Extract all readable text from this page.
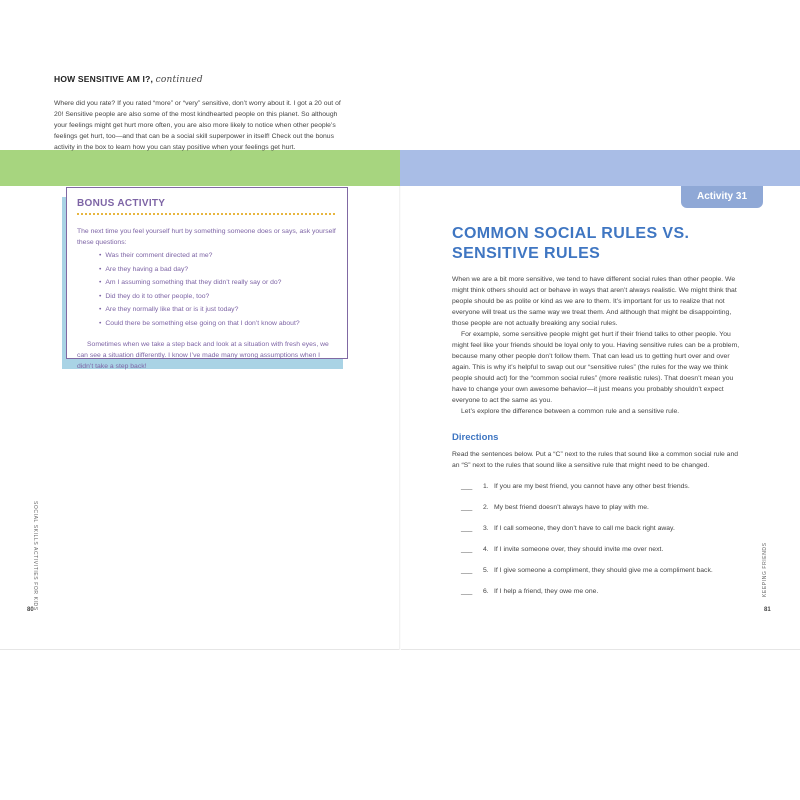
Activity 31
HOW SENSITIVE AM I?, continued

Where did you rate? If you rated “more” or “very” sensitive, don’t worry about it. I got a 20 out of 20! Sensitive people are also some of the most kindhearted people on this planet. So although your feelings might get hurt more often, you are also more likely to notice when other people’s feelings get hurt, too—and that can be a social skill superpower in itself! Check out the bonus activity in the box to learn how you can stay positive when your feelings get hurt.

BONUS ACTIVITY

The next time you feel yourself hurt by something someone does or says, ask yourself these questions:

• Was their comment directed at me?
• Are they having a bad day?
• Am I assuming something that they didn’t really say or do?
• Did they do it to other people, too?
• Are they normally like that or is it just today?
• Could there be something else going on that I don’t know about?

Sometimes when we take a step back and look at a situation with fresh eyes, we can see a situation differently. I know I’ve made many wrong assumptions when I didn’t take a step back!

SOCIAL SKILLS ACTIVITIES FOR KIDS
80
COMMON SOCIAL RULES VS. SENSITIVE RULES

When we are a bit more sensitive, we tend to have different social rules than other people. We might think others should act or behave in ways that aren’t always realistic. We might think that people should be as polite or kind as we are to them. It’s important for us to realize that not everyone will treat us the same way we treat them. And although that might be disappointing, those people are not actually breaking any social rules.

For example, some sensitive people might get hurt if their friend talks to other people. You might feel like your friends should be loyal only to you. Having sensitive rules can be a problem, because many other people don’t follow them. That can lead us to getting hurt over and over again. This is why it’s helpful to swap out our “sensitive rules” (the rules for the way we think people should act) for the “common social rules” (more realistic rules). That doesn’t mean you have to change your own awesome behavior—it just means you probably shouldn’t expect everyone to act the same as you.

Let’s explore the difference between a common rule and a sensitive rule.

Directions

Read the sentences below. Put a “C” next to the rules that sound like a common social rule and an “S” next to the rules that sound like a sensitive rule that might need to be changed.

___	1. If you are my best friend, you cannot have any other best friends.
___	2. My best friend doesn’t always have to play with me.
___	3. If I call someone, they don’t have to call me back right away.
___	4. If I invite someone over, they should invite me over next.
___	5. If I give someone a compliment, they should give me a compliment back.
___	6. If I help a friend, they owe me one.	KEEPING FRIENDS
81
